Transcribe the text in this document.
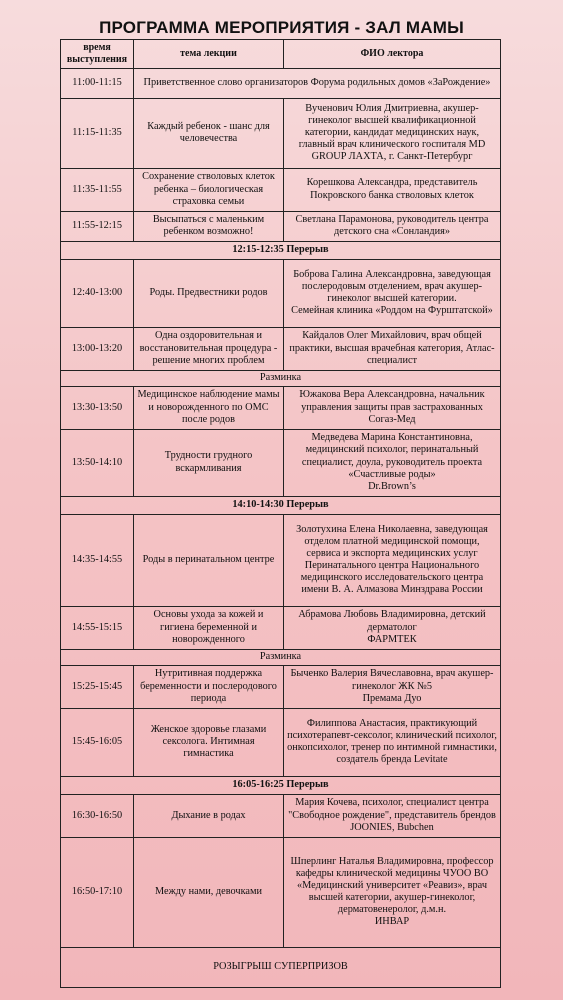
ПРОГРАММА МЕРОПРИЯТИЯ - ЗАЛ МАМЫ
время
выступления	тема лекции	ФИО лектора
11:00-11:15	Приветственное слово организаторов Форума родильных домов «ЗаРождение»	
11:15-11:35	Каждый ребенок - шанс для человечества	Вученович Юлия Дмитриевна, акушер-гинеколог высшей квалификационной категории, кандидат медицинских наук, главный врач клинического госпиталя MD GROUP ЛАХТА, г. Санкт-Петербург
11:35-11:55	Сохранение стволовых клеток ребенка – биологическая страховка семьи	Корешкова Александра, представитель Покровского банка стволовых клеток
11:55-12:15	Высыпаться с маленьким ребенком возможно!	Светлана Парамонова, руководитель центра детского сна «Сонландия»
12:15-12:35 Перерыв		
12:40-13:00	Роды. Предвестники родов	Боброва Галина Александровна, заведующая послеродовым отделением, врач акушер-гинеколог высшей категории.
Семейная клиника «Роддом на Фурштатской»
13:00-13:20	Одна оздоровительная и восстановительная процедура - решение многих проблем	Кайдалов Олег Михайлович, врач общей практики, высшая врачебная категория, Атлас-специалист
Разминка		
13:30-13:50	Медицинское наблюдение мамы и новорожденного по ОМС после родов	Южакова Вера Александровна, начальник управления защиты прав застрахованных Согаз-Мед
13:50-14:10	Трудности грудного вскармливания	Медведева Марина Константиновна, медицинский психолог, перинатальный специалист, доула, руководитель проекта «Счастливые роды»
Dr.Brown’s
14:10-14:30 Перерыв		
14:35-14:55	Роды в перинатальном центре	Золотухина Елена Николаевна, заведующая отделом платной медицинской помощи, сервиса и экспорта медицинских услуг
Перинатального центра Национального медицинского исследовательского центра имени В. А. Алмазова Минздрава России
14:55-15:15	Основы ухода за кожей и гигиена беременной и новорожденного	Абрамова Любовь Владимировна, детский дерматолог
ФАРМТЕК
Разминка		
15:25-15:45	Нутритивная поддержка беременности и послеродового периода	Быченко Валерия Вячеславовна, врач акушер-гинеколог ЖК №5
Премама Дуо
15:45-16:05	Женское здоровье глазами сексолога. Интимная гимнастика	Филиппова Анастасия, практикующий психотерапевт-сексолог, клинический психолог, онкопсихолог, тренер по интимной гимнастики, создатель бренда Levitate
16:05-16:25 Перерыв		
16:30-16:50	Дыхание в родах	Мария Кочева, психолог, специалист центра "Свободное рождение", представитель брендов JOONIES, Bubchen
16:50-17:10	Между нами, девочками	Шперлинг Наталья Владимировна, профессор кафедры клинической медицины ЧУОО ВО «Медицинский университет «Реавиз», врач высшей категории, акушер-гинеколог, дерматовенеролог, д.м.н.
ИНВАР
РОЗЫГРЫШ СУПЕРПРИЗОВ		
